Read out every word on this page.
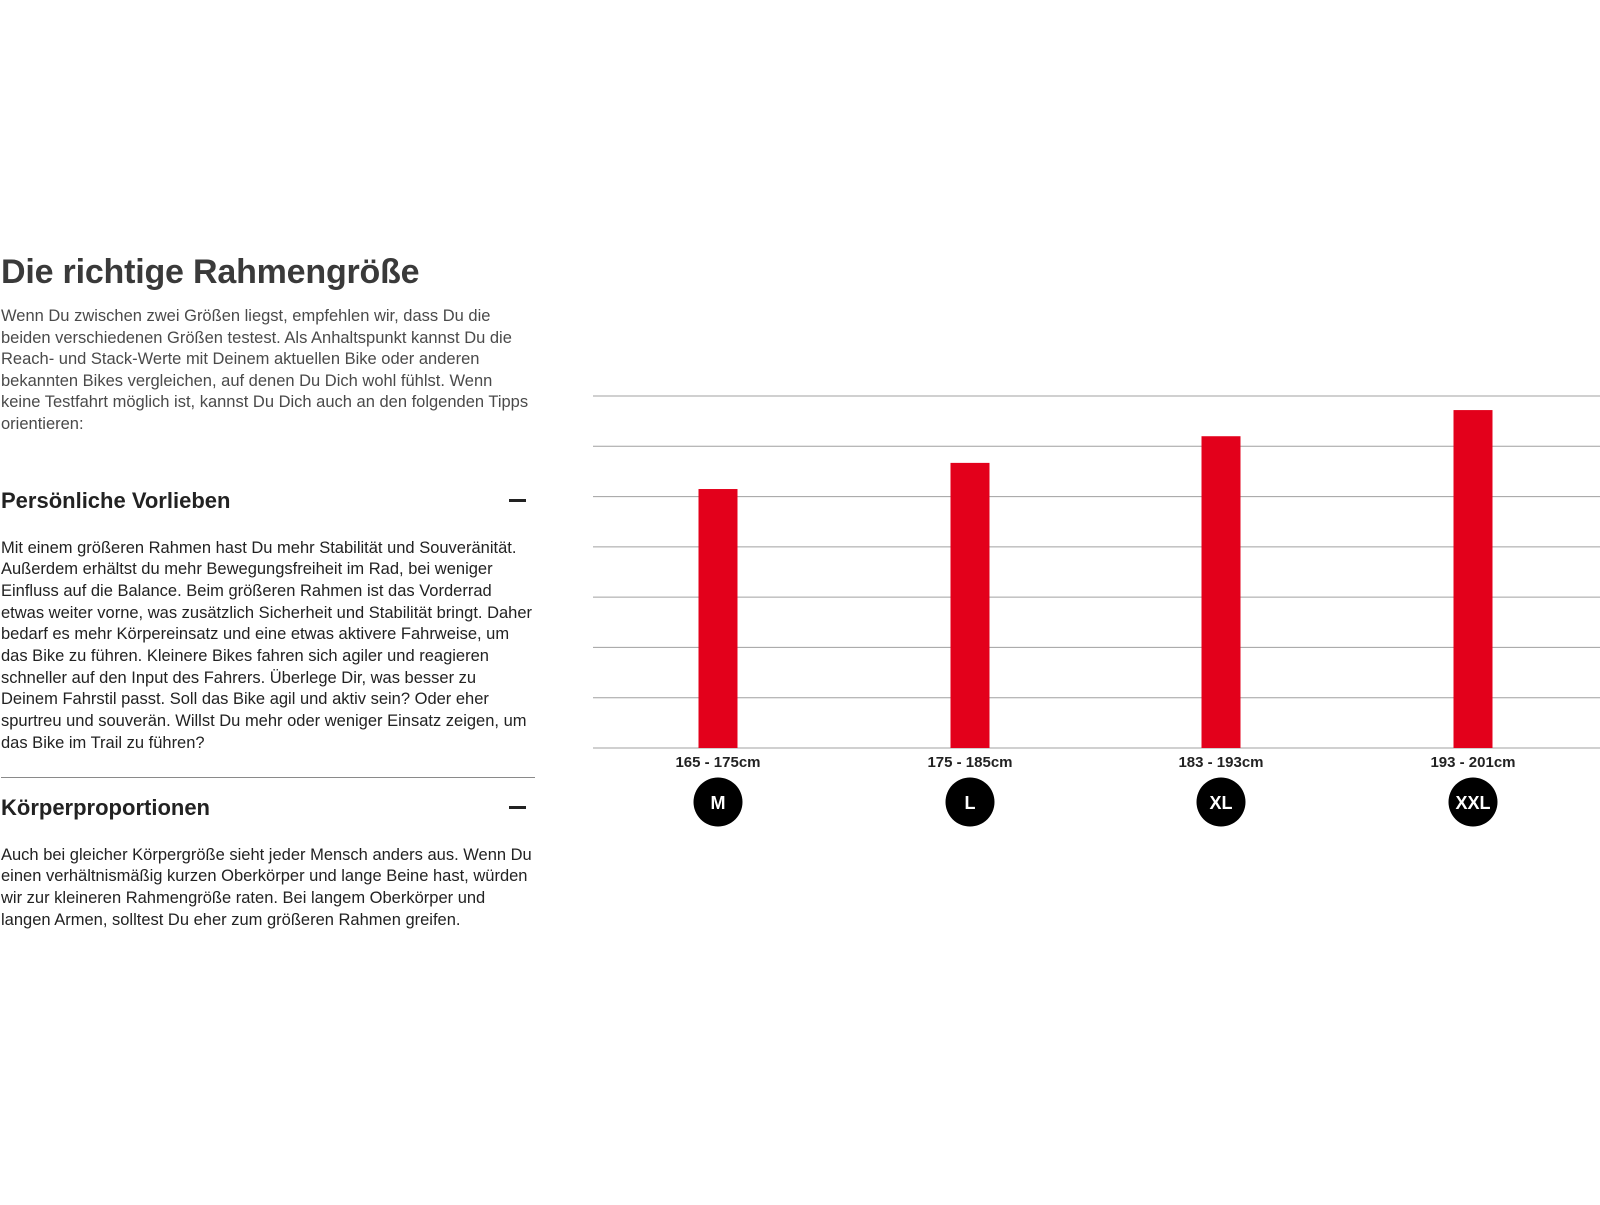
Die richtige Rahmengröße

Wenn Du zwischen zwei Größen liegst, empfehlen wir, dass Du die beiden verschiedenen Größen testest. Als Anhaltspunkt kannst Du die Reach- und Stack-Werte mit Deinem aktuellen Bike oder anderen bekannten Bikes vergleichen, auf denen Du Dich wohl fühlst. Wenn keine Testfahrt möglich ist, kannst Du Dich auch an den folgenden Tipps orientieren:

Persönliche Vorlieben

Mit einem größeren Rahmen hast Du mehr Stabilität und Souveränität. Außerdem erhältst du mehr Bewegungsfreiheit im Rad, bei weniger Einfluss auf die Balance. Beim größeren Rahmen ist das Vorderrad etwas weiter vorne, was zusätzlich Sicherheit und Stabilität bringt. Daher bedarf es mehr Körpereinsatz und eine etwas aktivere Fahrweise, um das Bike zu führen. Kleinere Bikes fahren sich agiler und reagieren schneller auf den Input des Fahrers. Überlege Dir, was besser zu Deinem Fahrstil passt. Soll das Bike agil und aktiv sein? Oder eher spurtreu und souverän. Willst Du mehr oder weniger Einsatz zeigen, um das Bike im Trail zu führen?

Körperproportionen

Auch bei gleicher Körpergröße sieht jeder Mensch anders aus. Wenn Du einen verhältnismäßig kurzen Oberkörper und lange Beine hast, würden wir zur kleineren Rahmengröße raten. Bei langem Oberkörper und langen Armen, solltest Du eher zum größeren Rahmen greifen.

165 - 175cm
M
175 - 185cm
L
183 - 193cm
XL
193 - 201cm
XXL
